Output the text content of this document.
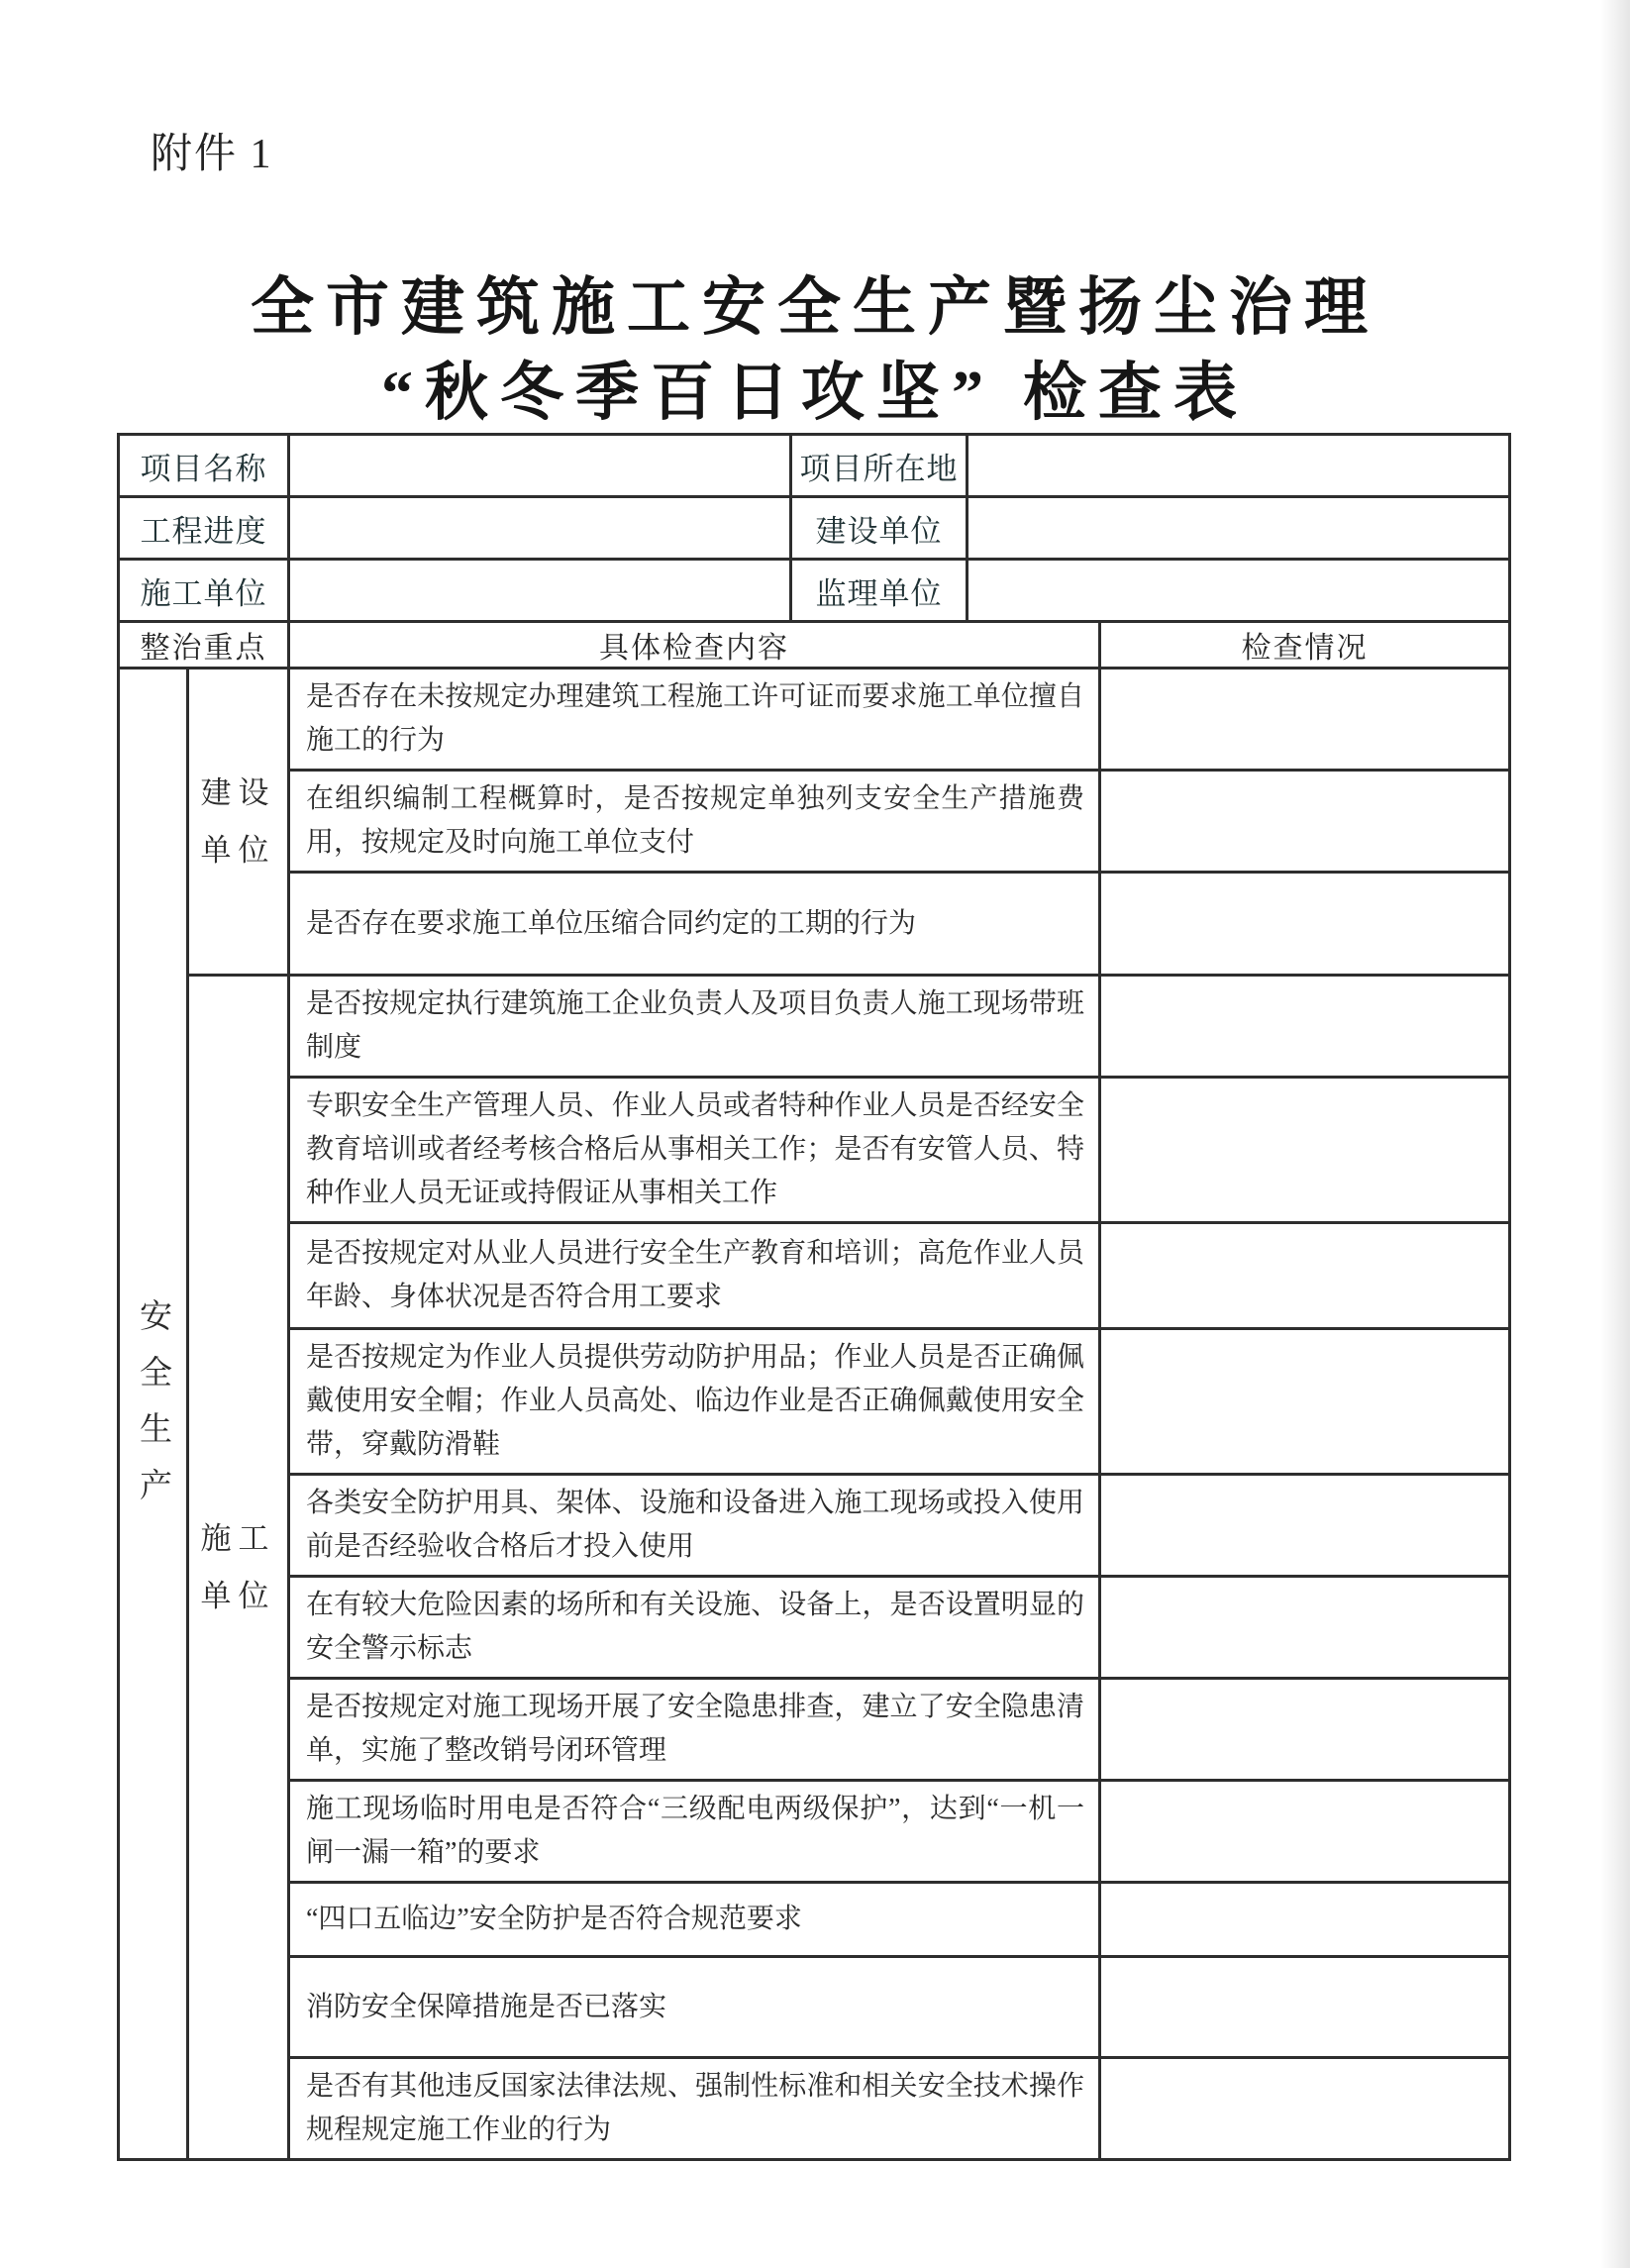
附件 1
全市建筑施工安全生产暨扬尘治理
“秋冬季百日攻坚” 检查表
项目名称			项目所在地		
工程进度			建设单位		
施工单位			监理单位		
整治重点		具体检查内容			检查情况
安全生产	建设单位	是否存在未按规定办理建筑工程施工许可证而要求施工单位擅自施工的行为			
		在组织编制工程概算时，是否按规定单独列支安全生产措施费用，按规定及时向施工单位支付			
		是否存在要求施工单位压缩合同约定的工期的行为			
	施工单位	是否按规定执行建筑施工企业负责人及项目负责人施工现场带班制度			
		专职安全生产管理人员、作业人员或者特种作业人员是否经安全教育培训或者经考核合格后从事相关工作；是否有安管人员、特种作业人员无证或持假证从事相关工作			
		是否按规定对从业人员进行安全生产教育和培训；高危作业人员年龄、身体状况是否符合用工要求			
		是否按规定为作业人员提供劳动防护用品；作业人员是否正确佩戴使用安全帽；作业人员高处、临边作业是否正确佩戴使用安全带，穿戴防滑鞋			
		各类安全防护用具、架体、设施和设备进入施工现场或投入使用前是否经验收合格后才投入使用			
		在有较大危险因素的场所和有关设施、设备上，是否设置明显的安全警示标志			
		是否按规定对施工现场开展了安全隐患排查，建立了安全隐患清单，实施了整改销号闭环管理			
		施工现场临时用电是否符合“三级配电两级保护”，达到“一机一闸一漏一箱”的要求			
		“四口五临边”安全防护是否符合规范要求			
		消防安全保障措施是否已落实			
		是否有其他违反国家法律法规、强制性标准和相关安全技术操作规程规定施工作业的行为			
